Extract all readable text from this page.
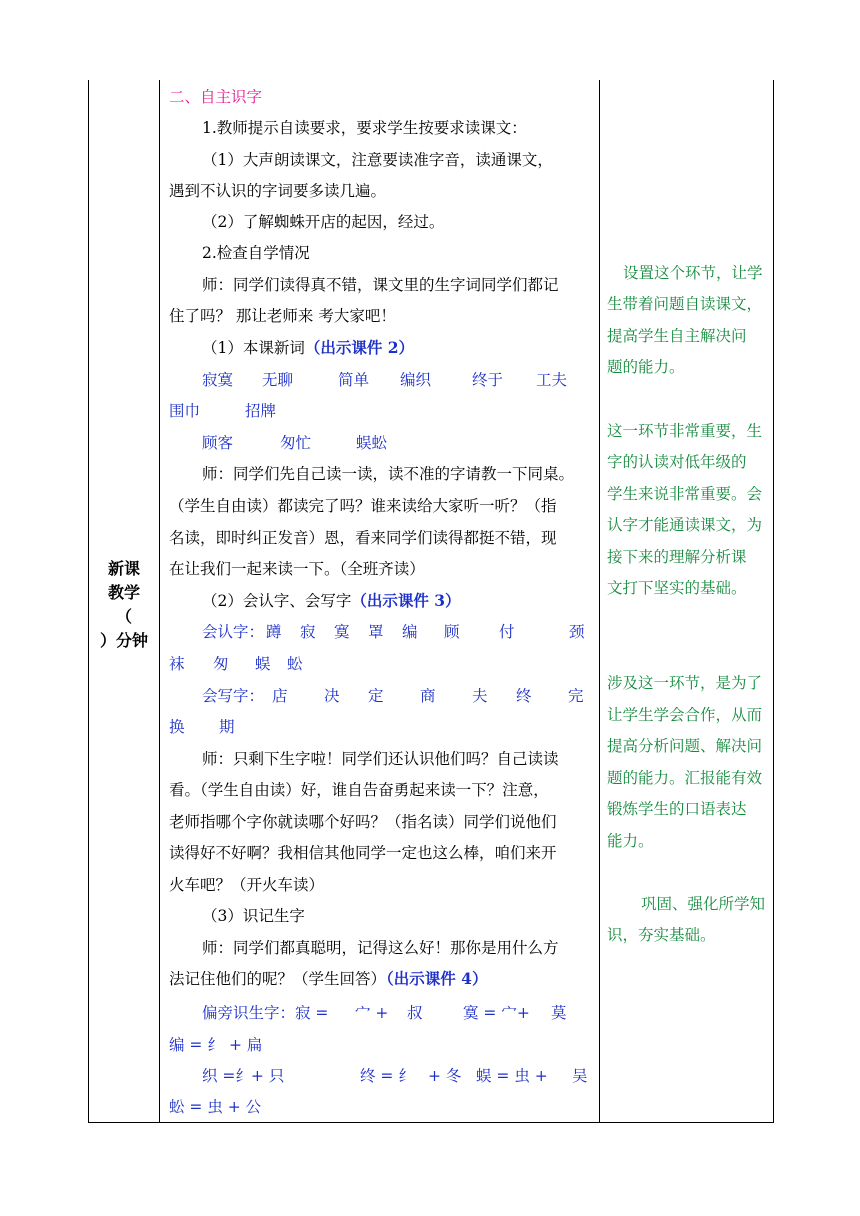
新课
教学
（
）分钟
二、自主识字
1.教师提示自读要求，要求学生按要求读课文：
（1）大声朗读课文，注意要读准字音，读通课文，
遇到不认识的字词要多读几遍。
（2）了解蜘蛛开店的起因，经过。
2.检查自学情况
师：同学们读得真不错，课文里的生字词同学们都记
住了吗？ 那让老师来 考大家吧！
（1）本课新词（出示课件 2）
寂寞 无聊	简单 编织	终于 工夫
围巾	招牌
顾客	匆忙	蜈蚣
师：同学们先自己读一读，读不准的字请教一下同桌。
（学生自由读）都读完了吗？谁来读给大家听一听？（指
名读，即时纠正发音）恩，看来同学们读得都挺不错，现
在让我们一起来读一下。（全班齐读）
（2）会认字、会写字（出示课件 3）
会认字： 蹲 寂 寞 罩 编 顾	付	颈
袜 匆 蜈 蚣
会写字： 店 决 定 商 夫 终 完
换 期
师：只剩下生字啦！同学们还认识他们吗？自己读读
看。（学生自由读）好，谁自告奋勇起来读一下？注意，
老师指哪个字你就读哪个好吗？（指名读）同学们说他们
读得好不好啊？我相信其他同学一定也这么棒，咱们来开
火车吧？（开火车读）
（3）识记生字
师：同学们都真聪明，记得这么好！那你是用什么方
法记住他们的呢？（学生回答）（出示课件 4）
偏旁识生字：寂 = 宀 + 叔	寞 = 宀+ 莫
编 = 纟 + 扁
织 =纟+ 只	终 = 纟 + 冬 蜈 = 虫 + 吴
蚣 = 虫 + 公
设置这个环节，让学
生带着问题自读课文，
提高学生自主解决问
题的能力。
这一环节非常重要，生
字的认读对低年级的
学生来说非常重要。会
认字才能通读课文，为
接下来的理解分析课
文打下坚实的基础。
涉及这一环节，是为了
让学生学会合作，从而
提高分析问题、解决问
题的能力。汇报能有效
锻炼学生的口语表达
能力。
巩固、强化所学知
识，夯实基础。
